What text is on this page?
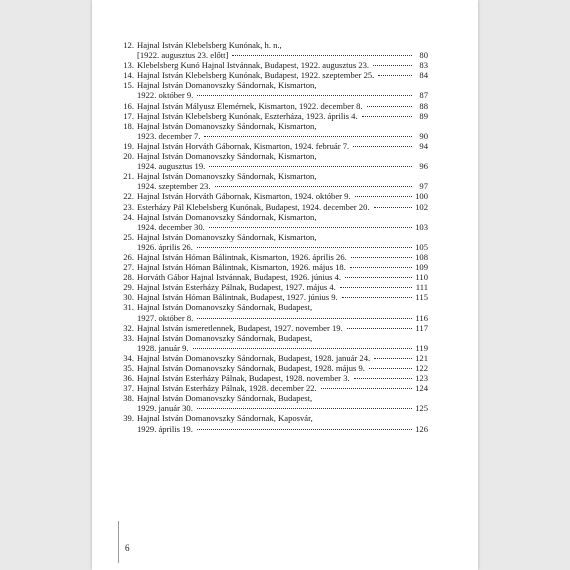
12. Hajnal István Klebelsberg Kunónak, h. n.,
[1922. augusztus 23. előtt]	80
13. Klebelsberg Kunó Hajnal Istvánnak, Budapest, 1922. augusztus 23.	83
14. Hajnal István Klebelsberg Kunónak, Budapest, 1922. szeptember 25.	84
15. Hajnal István Domanovszky Sándornak, Kismarton,
1922. október 9.	87
16. Hajnal István Mályusz Elemérnek, Kismarton, 1922. december 8.	88
17. Hajnal István Klebelsberg Kunónak, Eszterháza, 1923. április 4.	89
18. Hajnal István Domanovszky Sándornak, Kismarton,
1923. december 7.	90
19. Hajnal István Horváth Gábornak, Kismarton, 1924. február 7.	94
20. Hajnal István Domanovszky Sándornak, Kismarton,
1924. augusztus 19.	96
21. Hajnal István Domanovszky Sándornak, Kismarton,
1924. szeptember 23.	97
22. Hajnal István Horváth Gábornak, Kismarton, 1924. október 9.	100
23. Esterházy Pál Klebelsberg Kunónak, Budapest, 1924. december 20.	102
24. Hajnal István Domanovszky Sándornak, Kismarton,
1924. december 30.	103
25. Hajnal István Domanovszky Sándornak, Kismarton,
1926. április 26.	105
26. Hajnal István Hóman Bálintnak, Kismarton, 1926. április 26.	108
27. Hajnal István Hóman Bálintnak, Kismarton, 1926. május 18.	109
28. Horváth Gábor Hajnal Istvánnak, Budapest, 1926. június 4.	110
29. Hajnal István Esterházy Pálnak, Budapest, 1927. május 4.	111
30. Hajnal István Hóman Bálintnak, Budapest, 1927. június 9.	115
31. Hajnal István Domanovszky Sándornak, Budapest,
1927. október 8.	116
32. Hajnal István ismeretlennek, Budapest, 1927. november 19.	117
33. Hajnal István Domanovszky Sándornak, Budapest,
1928. január 9.	119
34. Hajnal István Domanovszky Sándornak, Budapest, 1928. január 24.	121
35. Hajnal István Domanovszky Sándornak, Budapest, 1928. május 9.	122
36. Hajnal István Esterházy Pálnak, Budapest, 1928. november 3.	123
37. Hajnal István Esterházy Pálnak, 1928. december 22.	124
38. Hajnal István Domanovszky Sándornak, Budapest,
1929. január 30.	125
39. Hajnal István Domanovszky Sándornak, Kaposvár,
1929. április 19.	126
6
